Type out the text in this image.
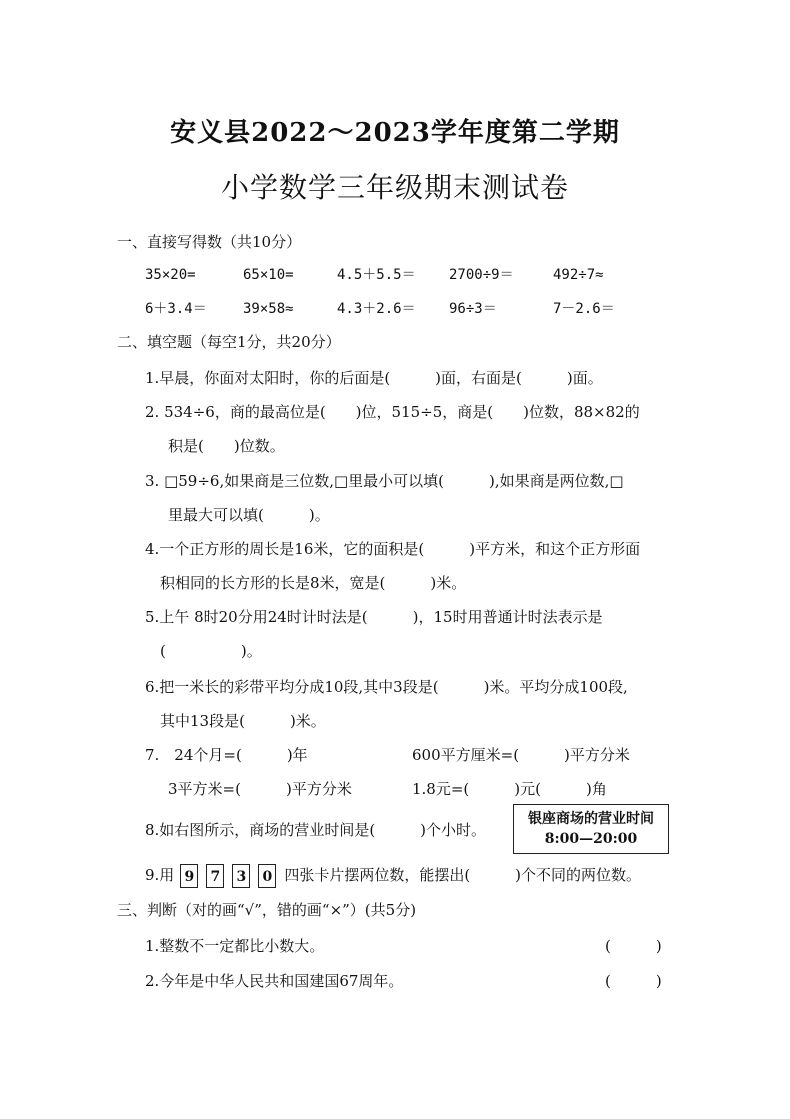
安义县2022～2023学年度第二学期
小学数学三年级期末测试卷
一、直接写得数（共10分）
35×20=	65×10=	4.5＋5.5＝ 2700÷9＝	492÷7≈
6＋3.4＝	39×58≈	4.3＋2.6＝ 96÷3＝	7－2.6＝
二、填空题（每空1分，共20分）
1.早晨，你面对太阳时，你的后面是(　　　)面，右面是(　　　)面。
2. 534÷6，商的最高位是(　　)位，515÷5，商是(　　)位数，88×82的
积是(　　)位数。
3. □59÷6,如果商是三位数,□里最小可以填(　　　),如果商是两位数,□
里最大可以填(　　　)。
4.一个正方形的周长是16米，它的面积是(　　　)平方米，和这个正方形面
积相同的长方形的长是8米，宽是(　　　)米。
5.上午 8时20分用24时计时法是(　　　)，15时用普通计时法表示是
(　　　　　)。
6.把一米长的彩带平均分成10段,其中3段是(　　　)米。平均分成100段,
其中13段是(　　　)米。
7.　24个月=(　　　)年	600平方厘米=(　　　)平方分米
3平方米=(　　　)平方分米	1.8元=(　　　)元(　　　)角
8.如右图所示，商场的营业时间是(　　　)个小时。
银座商场的营业时间
8:00—20:00
9.用 9 7 3 0 四张卡片摆两位数，能摆出(　　　)个不同的两位数。
三、判断（对的画“√”，错的画“×”）(共5分)
1.整数不一定都比小数大。	(　　　)
2.今年是中华人民共和国建国67周年。	(　　　)
